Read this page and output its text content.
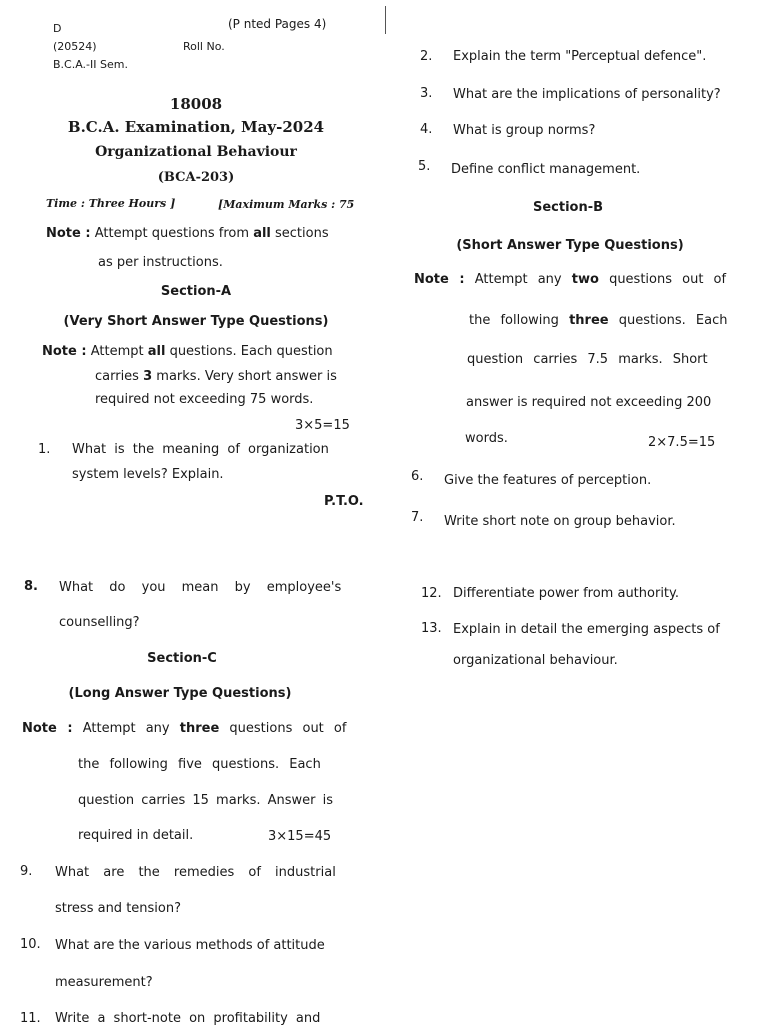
D	(P nted Pages 4)
(20524)	Roll No.
B.C.A.-II Sem.
18008
B.C.A. Examination, May-2024
Organizational Behaviour
(BCA-203)
Time : Three Hours ]	[Maximum Marks : 75
Note : Attempt questions from all sections
as per instructions.
Section-A
(Very Short Answer Type Questions)
Note : Attempt all questions. Each question
carries 3 marks. Very short answer is
required not exceeding 75 words.
3×5=15
1. What is the meaning of organization
system levels? Explain.
P.T.O.
2. Explain the term "Perceptual defence".
3. What are the implications of personality?
4. What is group norms?
5. Define conflict management.
Section-B
(Short Answer Type Questions)
Note : Attempt any two questions out of
the following three questions. Each
question carries 7.5 marks. Short
answer is required not exceeding 200
words.	2×7.5=15
6. Give the features of perception.
7. Write short note on group behavior.
8. What do you mean by employee's
counselling?
Section-C
(Long Answer Type Questions)
Note : Attempt any three questions out of
the following five questions. Each
question carries 15 marks. Answer is
required in detail.	3×15=45
9. What are the remedies of industrial
stress and tension?
10. What are the various methods of attitude
measurement?
11. Write a short-note on profitability and
12. Differentiate power from authority.
13. Explain in detail the emerging aspects of
organizational behaviour.
